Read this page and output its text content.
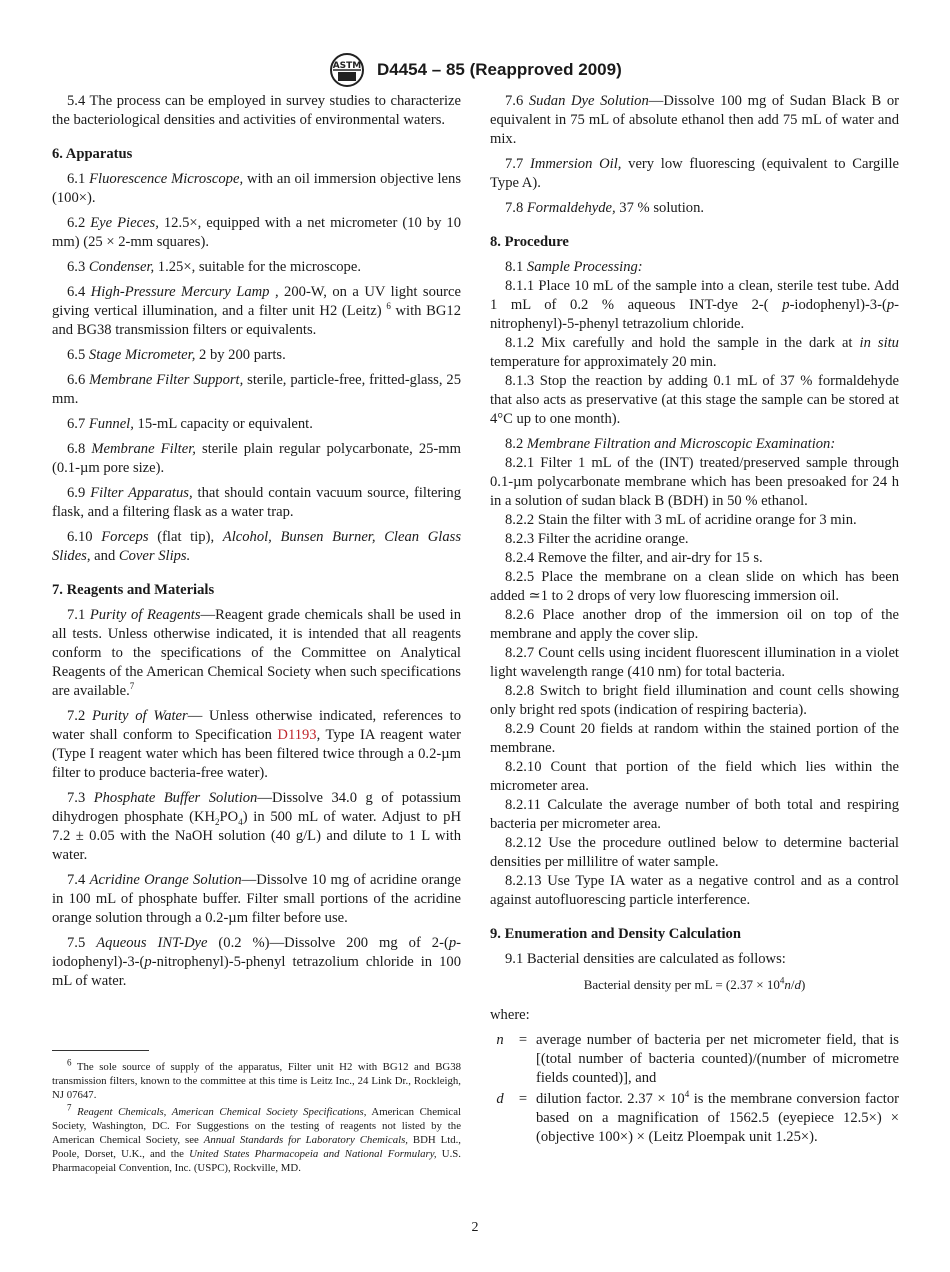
ASTM D4454 – 85 (Reapproved 2009)

5.4 The process can be employed in survey studies to characterize the bacteriological densities and activities of environmental waters.

6. Apparatus

6.1 Fluorescence Microscope, with an oil immersion objective lens (100×).

6.2 Eye Pieces, 12.5×, equipped with a net micrometer (10 by 10 mm) (25 × 2-mm squares).

6.3 Condenser, 1.25×, suitable for the microscope.

6.4 High-Pressure Mercury Lamp , 200-W, on a UV light source giving vertical illumination, and a filter unit H2 (Leitz) $^6$ with BG12 and BG38 transmission filters or equivalents.

6.5 Stage Micrometer, 2 by 200 parts.

6.6 Membrane Filter Support, sterile, particle-free, fritted-glass, 25 mm.

6.7 Funnel, 15-mL capacity or equivalent.

6.8 Membrane Filter, sterile plain regular polycarbonate, 25-mm (0.1-µm pore size).

6.9 Filter Apparatus, that should contain vacuum source, filtering flask, and a filtering flask as a water trap.

6.10 Forceps (flat tip), Alcohol, Bunsen Burner, Clean Glass Slides, and Cover Slips.

7. Reagents and Materials

7.1 Purity of Reagents—Reagent grade chemicals shall be used in all tests. Unless otherwise indicated, it is intended that all reagents conform to the specifications of the Committee on Analytical Reagents of the American Chemical Society when such specifications are available.$^7$

7.2 Purity of Water— Unless otherwise indicated, references to water shall conform to Specification D1193, Type IA reagent water (Type I reagent water which has been filtered twice through a 0.2-µm filter to produce bacteria-free water).

7.3 Phosphate Buffer Solution—Dissolve 34.0 g of potassium dihydrogen phosphate $(KH_2PO_4)$ in 500 mL of water. Adjust to pH 7.2 ± 0.05 with the NaOH solution (40 g/L) and dilute to 1 L with water.

7.4 Acridine Orange Solution—Dissolve 10 mg of acridine orange in 100 mL of phosphate buffer. Filter small portions of the acridine orange solution through a 0.2-µm filter before use.

7.5 Aqueous INT-Dye (0.2 %)—Dissolve 200 mg of 2-(p-iodophenyl)-3-(p-nitrophenyl)-5-phenyl tetrazolium chloride in 100 mL of water.

7.6 Sudan Dye Solution—Dissolve 100 mg of Sudan Black B or equivalent in 75 mL of absolute ethanol then add 75 mL of water and mix.

7.7 Immersion Oil, very low fluorescing (equivalent to Cargille Type A).

7.8 Formaldehyde, 37 % solution.

8. Procedure

8.1 Sample Processing:

8.1.1 Place 10 mL of the sample into a clean, sterile test tube. Add 1 mL of 0.2 % aqueous INT-dye 2-( p-iodophenyl)-3-(p-nitrophenyl)-5-phenyl tetrazolium chloride.

8.1.2 Mix carefully and hold the sample in the dark at in situ temperature for approximately 20 min.

8.1.3 Stop the reaction by adding 0.1 mL of 37 % formaldehyde that also acts as preservative (at this stage the sample can be stored at 4°C up to one month).

8.2 Membrane Filtration and Microscopic Examination:

8.2.1 Filter 1 mL of the (INT) treated/preserved sample through 0.1-µm polycarbonate membrane which has been presoaked for 24 h in a solution of sudan black B (BDH) in 50 % ethanol.

8.2.2 Stain the filter with 3 mL of acridine orange for 3 min.

8.2.3 Filter the acridine orange.

8.2.4 Remove the filter, and air-dry for 15 s.

8.2.5 Place the membrane on a clean slide on which has been added ≃1 to 2 drops of very low fluorescing immersion oil.

8.2.6 Place another drop of the immersion oil on top of the membrane and apply the cover slip.

8.2.7 Count cells using incident fluorescent illumination in a violet light wavelength range (410 nm) for total bacteria.

8.2.8 Switch to bright field illumination and count cells showing only bright red spots (indication of respiring bacteria).

8.2.9 Count 20 fields at random within the stained portion of the membrane.

8.2.10 Count that portion of the field which lies within the micrometer area.

8.2.11 Calculate the average number of both total and respiring bacteria per micrometer area.

8.2.12 Use the procedure outlined below to determine bacterial densities per millilitre of water sample.

8.2.13 Use Type IA water as a negative control and as a control against autofluorescing particle interference.

9. Enumeration and Density Calculation

9.1 Bacterial densities are calculated as follows:

Bacterial density per mL = $(2.37 \times 10^4n/d)$
where:
n	= average number of bacteria per net micrometer field, that is [(total number of bacteria counted)/(number of micrometre fields counted)], and
d	= dilution factor. $2.37 \times 10^4$ is the membrane conversion factor based on a magnification of 1562.5 (eyepiece 12.5×) × (objective 100×) × (Leitz Ploempak unit 1.25×).

$^6$ The sole source of supply of the apparatus, Filter unit H2 with BG12 and BG38 transmission filters, known to the committee at this time is Leitz Inc., 24 Link Dr., Rockleigh, NJ 07647.

$^7$ Reagent Chemicals, American Chemical Society Specifications, American Chemical Society, Washington, DC. For Suggestions on the testing of reagents not listed by the American Chemical Society, see Annual Standards for Laboratory Chemicals, BDH Ltd., Poole, Dorset, U.K., and the United States Pharmacopeia and National Formulary, U.S. Pharmacopeial Convention, Inc. (USPC), Rockville, MD.

2
